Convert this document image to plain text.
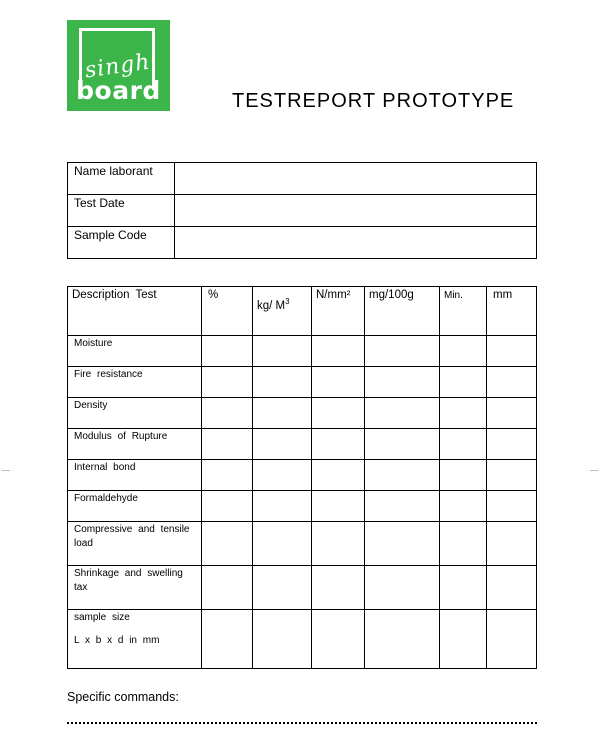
singh
board	TESTREPORT PROTOTYPE
Name laborant	
Test Date	
Sample Code	
Description Test	%	kg/ $M^3$	N/mm²	mg/100g	Min.	mm
Moisture						
Fire resistance						
Density						
Modulus of Rupture						
Internal bond						
Formaldehyde						
Compressive and tensile load						
Shrinkage and swelling tax						

sample size
L x b x d in mm						

Specific commands:
